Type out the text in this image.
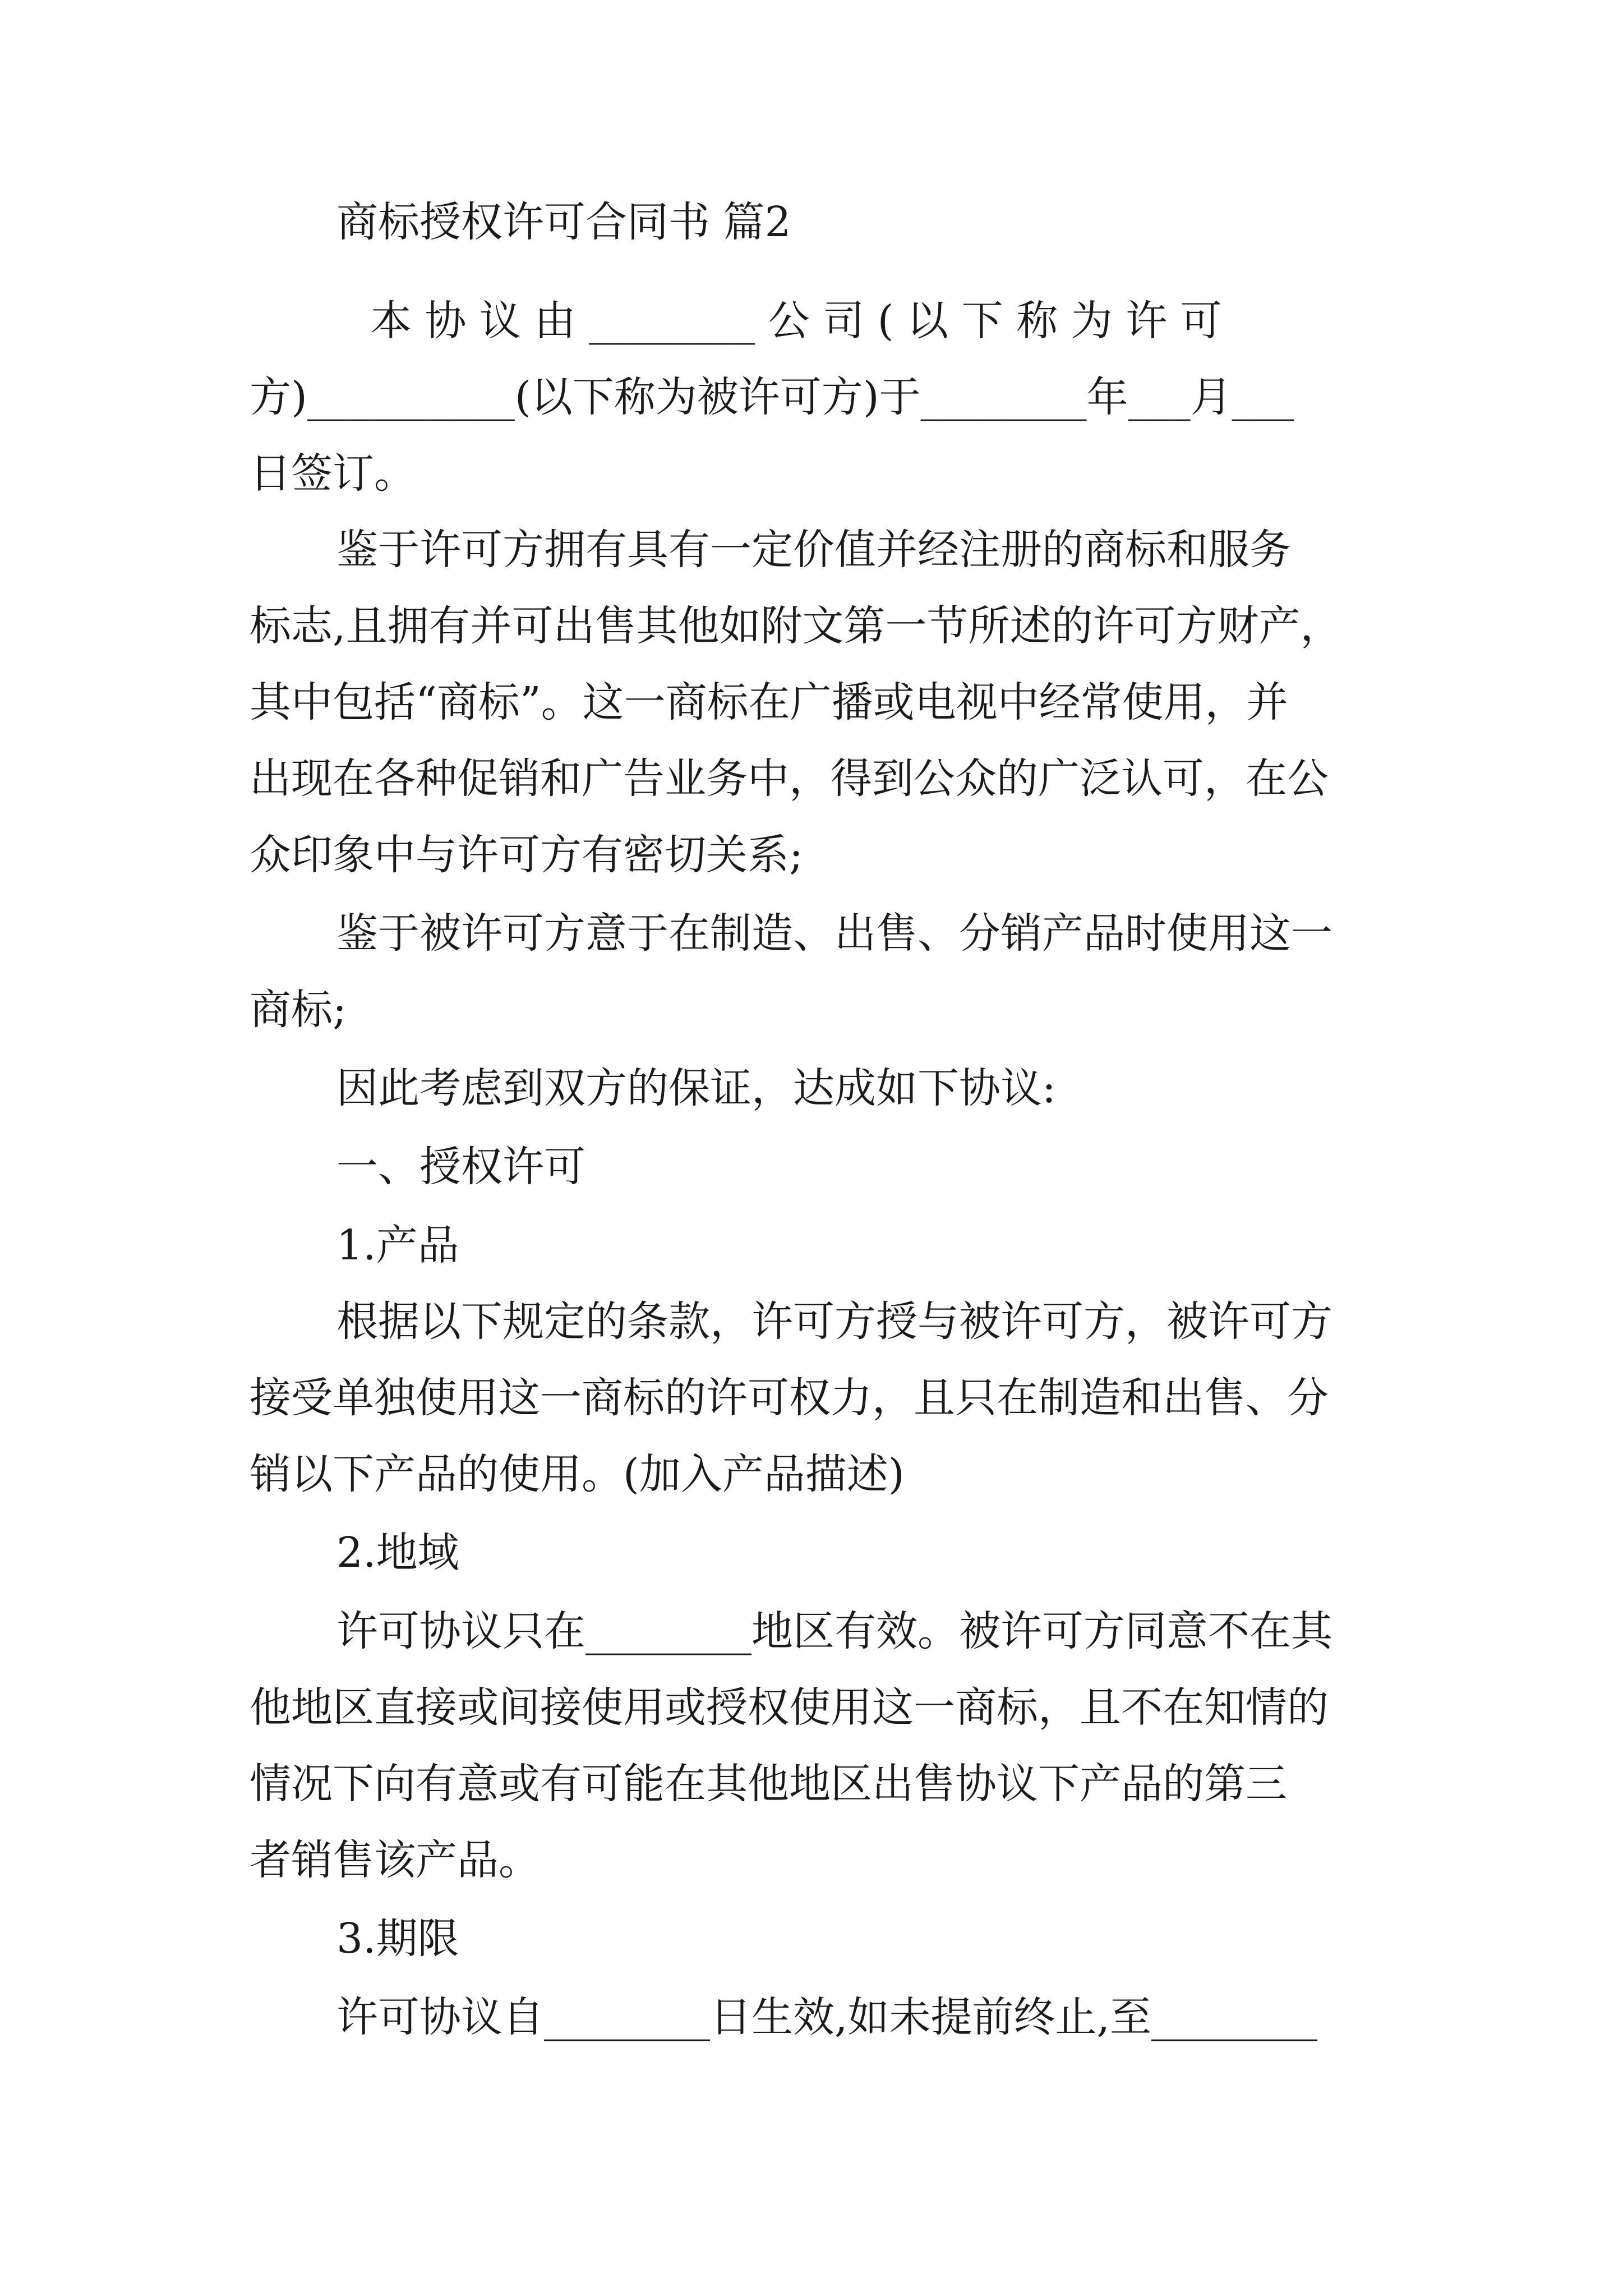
商标授权许可合同书 篇2
本 协 议 由 ________ 公 司 ( 以 下 称 为 许 可
方)__________(以下称为被许可方)于________年___月___
日签订。
鉴于许可方拥有具有一定价值并经注册的商标和服务
标志,且拥有并可出售其他如附文第一节所述的许可方财产，
其中包括“商标”。这一商标在广播或电视中经常使用，并
出现在各种促销和广告业务中，得到公众的广泛认可，在公
众印象中与许可方有密切关系;
鉴于被许可方意于在制造、出售、分销产品时使用这一
商标;
因此考虑到双方的保证，达成如下协议:
一、授权许可
1.产品
根据以下规定的条款，许可方授与被许可方，被许可方
接受单独使用这一商标的许可权力，且只在制造和出售、分
销以下产品的使用。(加入产品描述)
2.地域
许可协议只在________地区有效。被许可方同意不在其
他地区直接或间接使用或授权使用这一商标，且不在知情的
情况下向有意或有可能在其他地区出售协议下产品的第三
者销售该产品。
3.期限
许可协议自________日生效,如未提前终止,至________
